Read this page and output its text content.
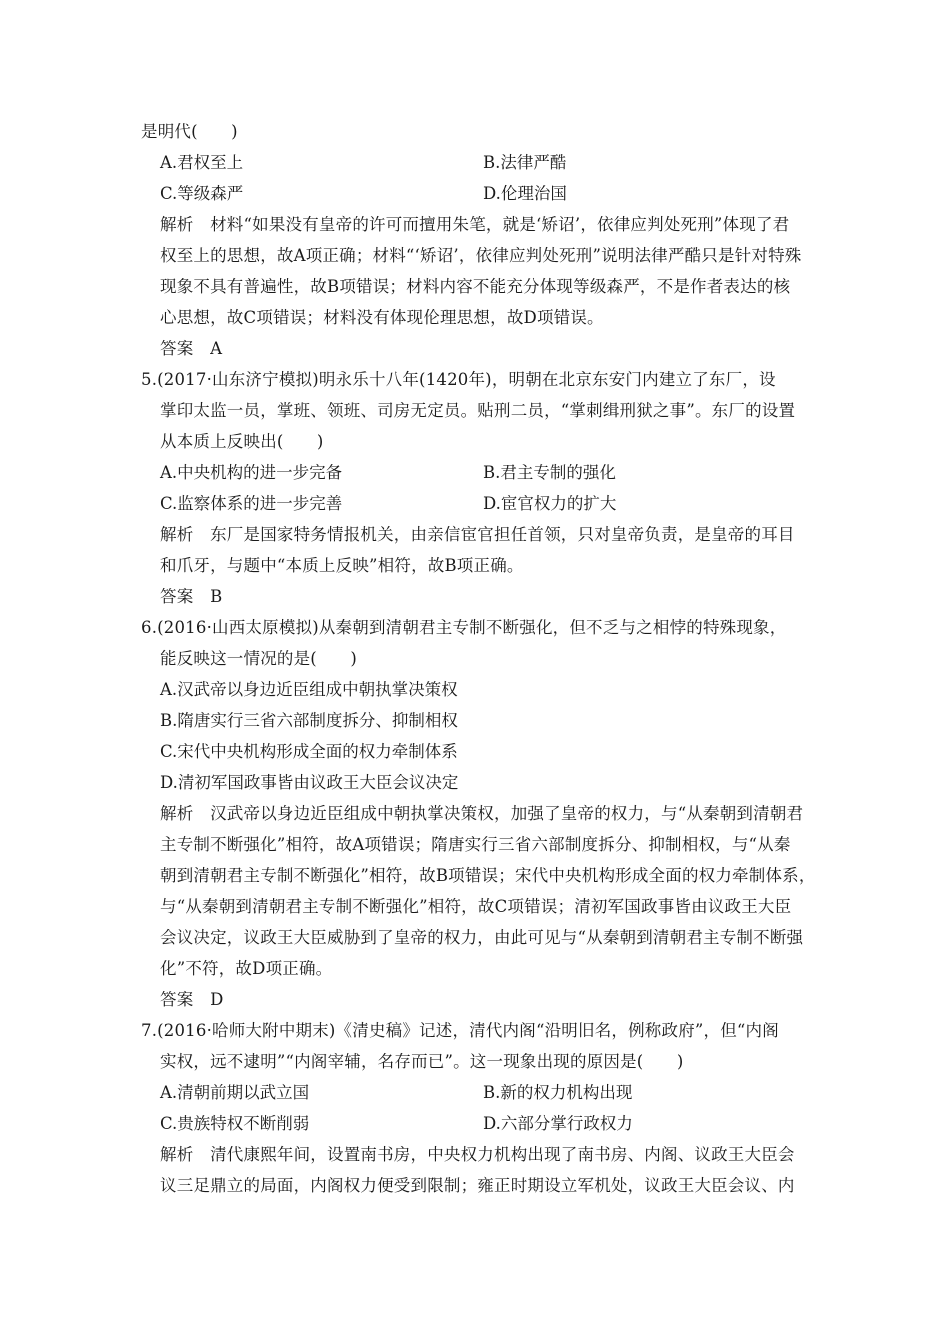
是明代(　　)
A.君权至上	B.法律严酷
C.等级森严	D.伦理治国
解析　材料“如果没有皇帝的许可而擅用朱笔，就是‘矫诏’，依律应判处死刑”体现了君
权至上的思想，故A项正确；材料“‘矫诏’，依律应判处死刑”说明法律严酷只是针对特殊
现象不具有普遍性，故B项错误；材料内容不能充分体现等级森严，不是作者表达的核
心思想，故C项错误；材料没有体现伦理思想，故D项错误。
答案　A
5.(2017·山东济宁模拟)明永乐十八年(1420年)，明朝在北京东安门内建立了东厂，设
掌印太监一员，掌班、领班、司房无定员。贴刑二员，“掌刺缉刑狱之事”。东厂的设置
从本质上反映出(　　)
A.中央机构的进一步完备	B.君主专制的强化
C.监察体系的进一步完善	D.宦官权力的扩大
解析　东厂是国家特务情报机关，由亲信宦官担任首领，只对皇帝负责，是皇帝的耳目
和爪牙，与题中“本质上反映”相符，故B项正确。
答案　B
6.(2016·山西太原模拟)从秦朝到清朝君主专制不断强化，但不乏与之相悖的特殊现象，
能反映这一情况的是(　　)
A.汉武帝以身边近臣组成中朝执掌决策权
B.隋唐实行三省六部制度拆分、抑制相权
C.宋代中央机构形成全面的权力牵制体系
D.清初军国政事皆由议政王大臣会议决定
解析　汉武帝以身边近臣组成中朝执掌决策权，加强了皇帝的权力，与“从秦朝到清朝君
主专制不断强化”相符，故A项错误；隋唐实行三省六部制度拆分、抑制相权，与“从秦
朝到清朝君主专制不断强化”相符，故B项错误；宋代中央机构形成全面的权力牵制体系，
与“从秦朝到清朝君主专制不断强化”相符，故C项错误；清初军国政事皆由议政王大臣
会议决定，议政王大臣威胁到了皇帝的权力，由此可见与“从秦朝到清朝君主专制不断强
化”不符，故D项正确。
答案　D
7.(2016·哈师大附中期末)《清史稿》记述，清代内阁“沿明旧名，例称政府”，但“内阁
实权，远不逮明”“内阁宰辅，名存而已”。这一现象出现的原因是(　　)
A.清朝前期以武立国	B.新的权力机构出现
C.贵族特权不断削弱	D.六部分掌行政权力
解析　清代康熙年间，设置南书房，中央权力机构出现了南书房、内阁、议政王大臣会
议三足鼎立的局面，内阁权力便受到限制；雍正时期设立军机处，议政王大臣会议、内
